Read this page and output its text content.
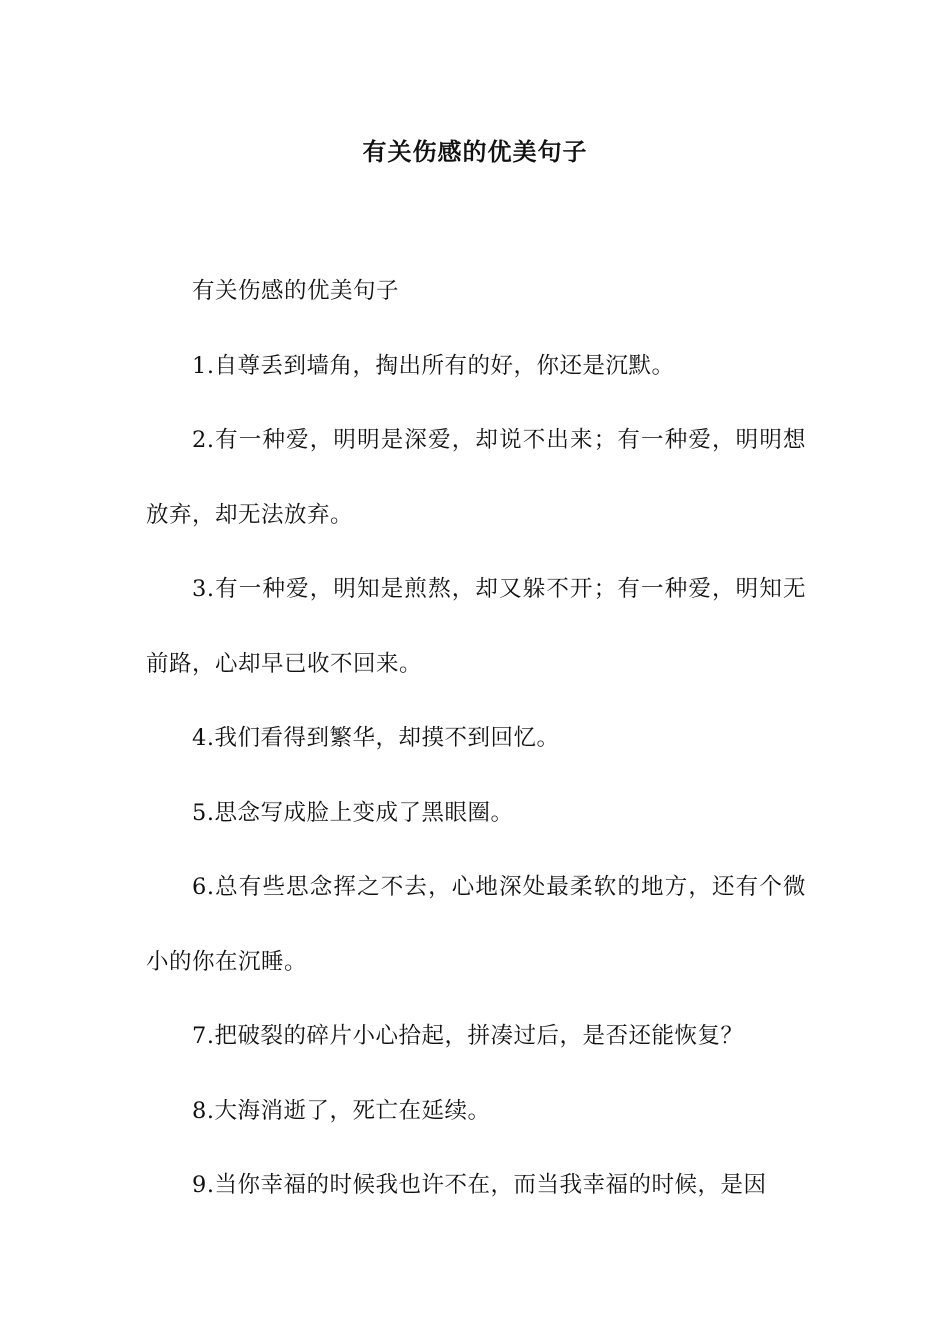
有关伤感的优美句子

有关伤感的优美句子

1.自尊丢到墙角，掏出所有的好，你还是沉默。

2.有一种爱，明明是深爱，却说不出来；有一种爱，明明想放弃，却无法放弃。

3.有一种爱，明知是煎熬，却又躲不开；有一种爱，明知无前路，心却早已收不回来。

4.我们看得到繁华，却摸不到回忆。

5.思念写成脸上变成了黑眼圈。

6.总有些思念挥之不去，心地深处最柔软的地方，还有个微小的你在沉睡。

7.把破裂的碎片小心拾起，拼凑过后，是否还能恢复？

8.大海消逝了，死亡在延续。

9.当你幸福的时候我也许不在，而当我幸福的时候，是因
